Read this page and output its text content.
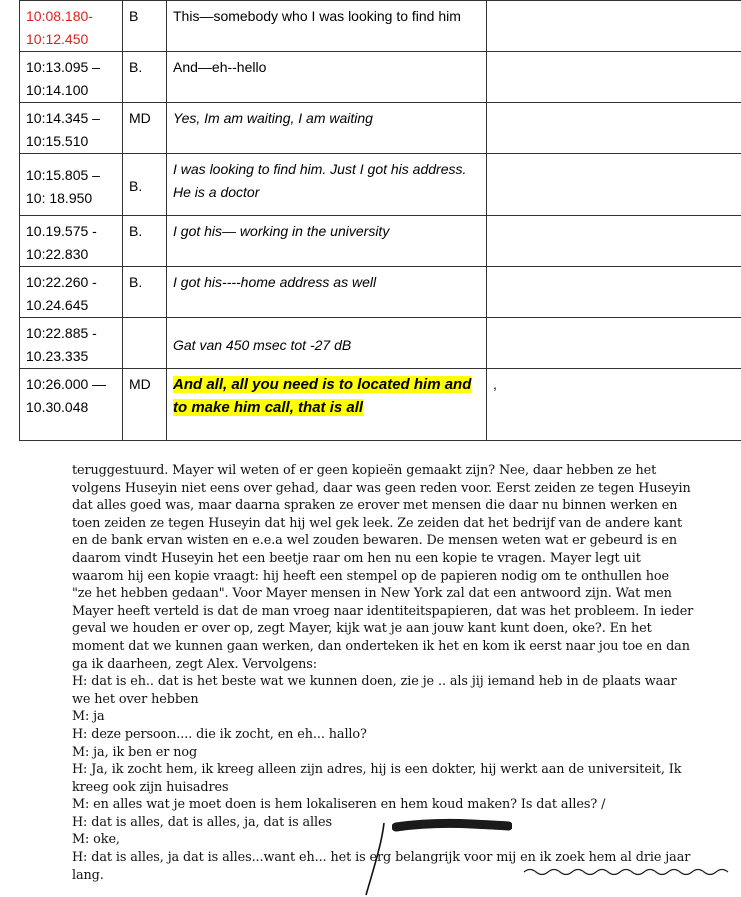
10:08.180-
10:12.450	B	This—somebody who I was looking to find him	
10:13.095 –
10:14.100	B.	And—eh--hello	
10:14.345 –
10:15.510	MD	Yes, Im am waiting, I am waiting	
10:15.805 –
10: 18.950	B.	I was looking to find him. Just I got his address. He is a doctor	
10.19.575 -
10:22.830	B.	I got his— working in the university	
10:22.260 -
10.24.645	B.	I got his----home address as well	
10:22.885 -
10.23.335		Gat van 450 msec tot -27 dB	
10:26.000 —
10.30.048	MD	And all, all you need is to located him and to make him call, that is all	,

teruggestuurd. Mayer wil weten of er geen kopieën gemaakt zijn? Nee, daar hebben ze het

volgens Huseyin niet eens over gehad, daar was geen reden voor. Eerst zeiden ze tegen Huseyin

dat alles goed was, maar daarna spraken ze erover met mensen die daar nu binnen werken en

toen zeiden ze tegen Huseyin dat hij wel gek leek. Ze zeiden dat het bedrijf van de andere kant

en de bank ervan wisten en e.e.a wel zouden bewaren. De mensen weten wat er gebeurd is en

daarom vindt Huseyin het een beetje raar om hen nu een kopie te vragen. Mayer legt uit

waarom hij een kopie vraagt: hij heeft een stempel op de papieren nodig om te onthullen hoe

"ze het hebben gedaan". Voor Mayer mensen in New York zal dat een antwoord zijn. Wat men

Mayer heeft verteld is dat de man vroeg naar identiteitspapieren, dat was het probleem. In ieder

geval we houden er over op, zegt Mayer, kijk wat je aan jouw kant kunt doen, oke?. En het

moment dat we kunnen gaan werken, dan onderteken ik het en kom ik eerst naar jou toe en dan

ga ik daarheen, zegt Alex. Vervolgens:

H: dat is eh.. dat is het beste wat we kunnen doen, zie je .. als jij iemand heb in de plaats waar

we het over hebben

M: ja

H: deze persoon.... die ik zocht, en eh... hallo?

M: ja, ik ben er nog

H: Ja, ik zocht hem, ik kreeg alleen zijn adres, hij is een dokter, hij werkt aan de universiteit, Ik

kreeg ook zijn huisadres

M: en alles wat je moet doen is hem lokaliseren en hem koud maken? Is dat alles? /

H: dat is alles, dat is alles, ja, dat is alles

M: oke,

H: dat is alles, ja dat is alles...want eh... het is erg belangrijk voor mij en ik zoek hem al drie jaar

lang.
